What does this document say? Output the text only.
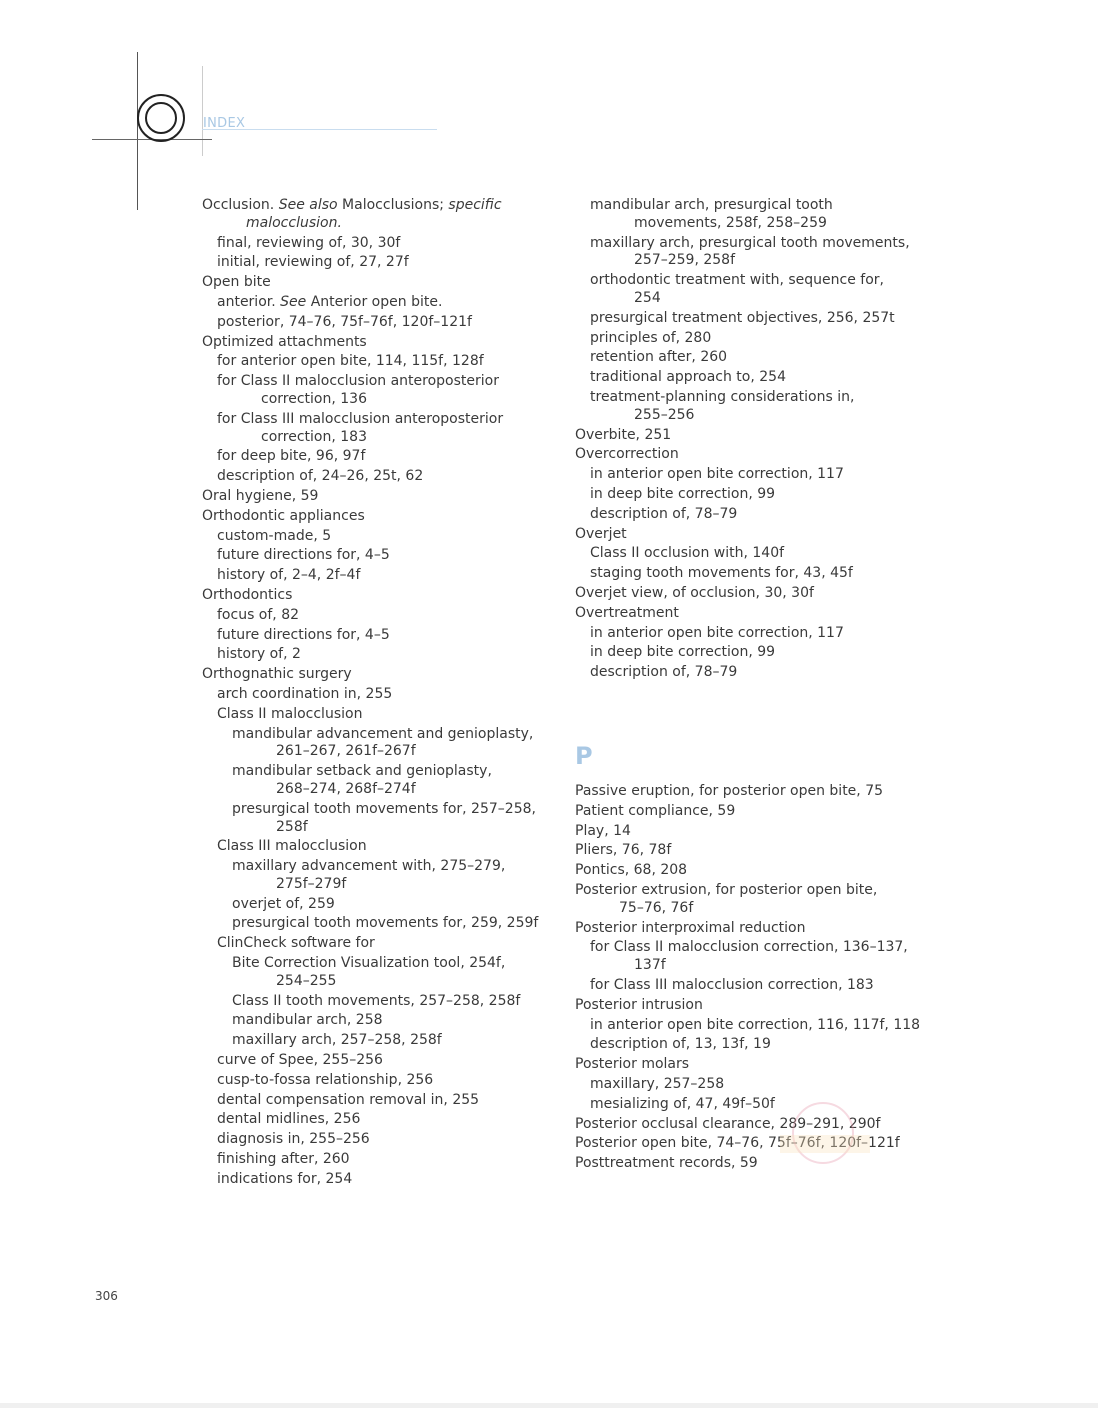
INDEX
Occlusion. See also Malocclusions; specific
malocclusion.
final, reviewing of, 30, 30f
initial, reviewing of, 27, 27f
Open bite
anterior. See Anterior open bite.
posterior, 74–76, 75f–76f, 120f–121f
Optimized attachments
for anterior open bite, 114, 115f, 128f
for Class II malocclusion anteroposterior
correction, 136
for Class III malocclusion anteroposterior
correction, 183
for deep bite, 96, 97f
description of, 24–26, 25t, 62
Oral hygiene, 59
Orthodontic appliances
custom-made, 5
future directions for, 4–5
history of, 2–4, 2f–4f
Orthodontics
focus of, 82
future directions for, 4–5
history of, 2
Orthognathic surgery
arch coordination in, 255
Class II malocclusion
mandibular advancement and genioplasty,
261–267, 261f–267f
mandibular setback and genioplasty,
268–274, 268f–274f
presurgical tooth movements for, 257–258,
258f
Class III malocclusion
maxillary advancement with, 275–279,
275f–279f
overjet of, 259
presurgical tooth movements for, 259, 259f
ClinCheck software for
Bite Correction Visualization tool, 254f,
254–255
Class II tooth movements, 257–258, 258f
mandibular arch, 258
maxillary arch, 257–258, 258f
curve of Spee, 255–256
cusp-to-fossa relationship, 256
dental compensation removal in, 255
dental midlines, 256
diagnosis in, 255–256
finishing after, 260
indications for, 254
mandibular arch, presurgical tooth
movements, 258f, 258–259
maxillary arch, presurgical tooth movements,
257–259, 258f
orthodontic treatment with, sequence for,
254
presurgical treatment objectives, 256, 257t
principles of, 280
retention after, 260
traditional approach to, 254
treatment-planning considerations in,
255–256
Overbite, 251
Overcorrection
in anterior open bite correction, 117
in deep bite correction, 99
description of, 78–79
Overjet
Class II occlusion with, 140f
staging tooth movements for, 43, 45f
Overjet view, of occlusion, 30, 30f
Overtreatment
in anterior open bite correction, 117
in deep bite correction, 99
description of, 78–79
P
Passive eruption, for posterior open bite, 75
Patient compliance, 59
Play, 14
Pliers, 76, 78f
Pontics, 68, 208
Posterior extrusion, for posterior open bite,
75–76, 76f
Posterior interproximal reduction
for Class II malocclusion correction, 136–137,
137f
for Class III malocclusion correction, 183
Posterior intrusion
in anterior open bite correction, 116, 117f, 118
description of, 13, 13f, 19
Posterior molars
maxillary, 257–258
mesializing of, 47, 49f–50f
Posterior occlusal clearance, 289–291, 290f
Posterior open bite, 74–76, 75f–76f, 120f–121f
Posttreatment records, 59
306
